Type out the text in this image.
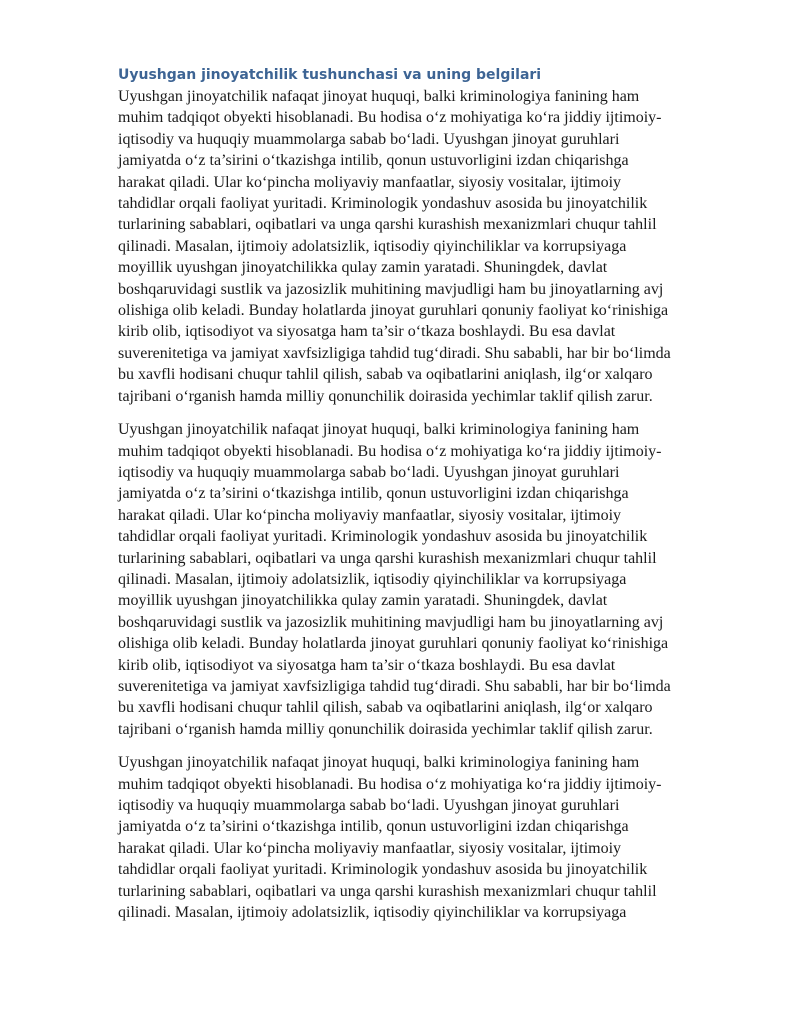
Uyushgan jinoyatchilik tushunchasi va uning belgilari

Uyushgan jinoyatchilik nafaqat jinoyat huquqi, balki kriminologiya fanining ham
muhim tadqiqot obyekti hisoblanadi. Bu hodisa o‘z mohiyatiga ko‘ra jiddiy ijtimoiy-
iqtisodiy va huquqiy muammolarga sabab bo‘ladi. Uyushgan jinoyat guruhlari
jamiyatda o‘z ta’sirini o‘tkazishga intilib, qonun ustuvorligini izdan chiqarishga
harakat qiladi. Ular ko‘pincha moliyaviy manfaatlar, siyosiy vositalar, ijtimoiy
tahdidlar orqali faoliyat yuritadi. Kriminologik yondashuv asosida bu jinoyatchilik
turlarining sabablari, oqibatlari va unga qarshi kurashish mexanizmlari chuqur tahlil
qilinadi. Masalan, ijtimoiy adolatsizlik, iqtisodiy qiyinchiliklar va korrupsiyaga
moyillik uyushgan jinoyatchilikka qulay zamin yaratadi. Shuningdek, davlat
boshqaruvidagi sustlik va jazosizlik muhitining mavjudligi ham bu jinoyatlarning avj
olishiga olib keladi. Bunday holatlarda jinoyat guruhlari qonuniy faoliyat ko‘rinishiga
kirib olib, iqtisodiyot va siyosatga ham ta’sir o‘tkaza boshlaydi. Bu esa davlat
suverenitetiga va jamiyat xavfsizligiga tahdid tug‘diradi. Shu sababli, har bir bo‘limda
bu xavfli hodisani chuqur tahlil qilish, sabab va oqibatlarini aniqlash, ilg‘or xalqaro
tajribani o‘rganish hamda milliy qonunchilik doirasida yechimlar taklif qilish zarur.

Uyushgan jinoyatchilik nafaqat jinoyat huquqi, balki kriminologiya fanining ham
muhim tadqiqot obyekti hisoblanadi. Bu hodisa o‘z mohiyatiga ko‘ra jiddiy ijtimoiy-
iqtisodiy va huquqiy muammolarga sabab bo‘ladi. Uyushgan jinoyat guruhlari
jamiyatda o‘z ta’sirini o‘tkazishga intilib, qonun ustuvorligini izdan chiqarishga
harakat qiladi. Ular ko‘pincha moliyaviy manfaatlar, siyosiy vositalar, ijtimoiy
tahdidlar orqali faoliyat yuritadi. Kriminologik yondashuv asosida bu jinoyatchilik
turlarining sabablari, oqibatlari va unga qarshi kurashish mexanizmlari chuqur tahlil
qilinadi. Masalan, ijtimoiy adolatsizlik, iqtisodiy qiyinchiliklar va korrupsiyaga
moyillik uyushgan jinoyatchilikka qulay zamin yaratadi. Shuningdek, davlat
boshqaruvidagi sustlik va jazosizlik muhitining mavjudligi ham bu jinoyatlarning avj
olishiga olib keladi. Bunday holatlarda jinoyat guruhlari qonuniy faoliyat ko‘rinishiga
kirib olib, iqtisodiyot va siyosatga ham ta’sir o‘tkaza boshlaydi. Bu esa davlat
suverenitetiga va jamiyat xavfsizligiga tahdid tug‘diradi. Shu sababli, har bir bo‘limda
bu xavfli hodisani chuqur tahlil qilish, sabab va oqibatlarini aniqlash, ilg‘or xalqaro
tajribani o‘rganish hamda milliy qonunchilik doirasida yechimlar taklif qilish zarur.

Uyushgan jinoyatchilik nafaqat jinoyat huquqi, balki kriminologiya fanining ham
muhim tadqiqot obyekti hisoblanadi. Bu hodisa o‘z mohiyatiga ko‘ra jiddiy ijtimoiy-
iqtisodiy va huquqiy muammolarga sabab bo‘ladi. Uyushgan jinoyat guruhlari
jamiyatda o‘z ta’sirini o‘tkazishga intilib, qonun ustuvorligini izdan chiqarishga
harakat qiladi. Ular ko‘pincha moliyaviy manfaatlar, siyosiy vositalar, ijtimoiy
tahdidlar orqali faoliyat yuritadi. Kriminologik yondashuv asosida bu jinoyatchilik
turlarining sabablari, oqibatlari va unga qarshi kurashish mexanizmlari chuqur tahlil
qilinadi. Masalan, ijtimoiy adolatsizlik, iqtisodiy qiyinchiliklar va korrupsiyaga
